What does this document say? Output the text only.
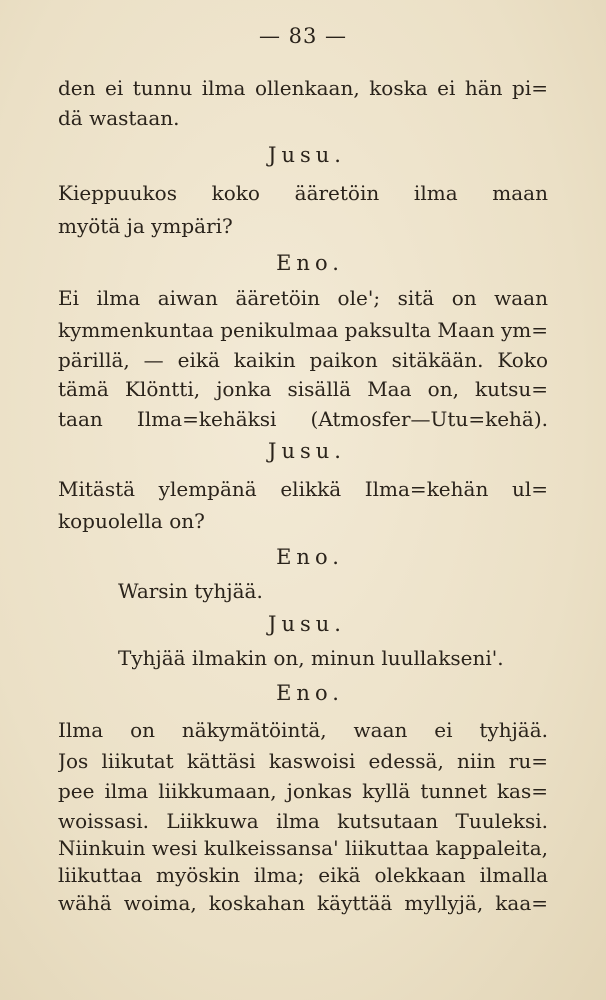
— 83 —
den ei tunnu ilma ollenkaan, koska ei hän pi=
dä wastaan.
Jusu.
Kieppuukos koko ääretöin ilma maan
myötä ja ympäri?
Eno.
Ei ilma aiwan ääretöin ole'; sitä on waan
kymmenkuntaa penikulmaa paksulta Maan ym=
pärillä, — eikä kaikin paikon sitäkään. Koko
tämä Klöntti, jonka sisällä Maa on, kutsu=
taan Ilma=kehäksi (Atmosfer—Utu=kehä).
Jusu.
Mitästä ylempänä elikkä Ilma=kehän ul=
kopuolella on?
Eno.
Warsin tyhjää.
Jusu.
Tyhjää ilmakin on, minun luullakseni'.
Eno.
Ilma on näkymätöintä, waan ei tyhjää.
Jos liikutat kättäsi kaswoisi edessä, niin ru=
pee ilma liikkumaan, jonkas kyllä tunnet kas=
woissasi. Liikkuwa ilma kutsutaan Tuuleksi.
Niinkuin wesi kulkeissansa' liikuttaa kappaleita,
liikuttaa myöskin ilma; eikä olekkaan ilmalla
wähä woima, koskahan käyttää myllyjä, kaa=
